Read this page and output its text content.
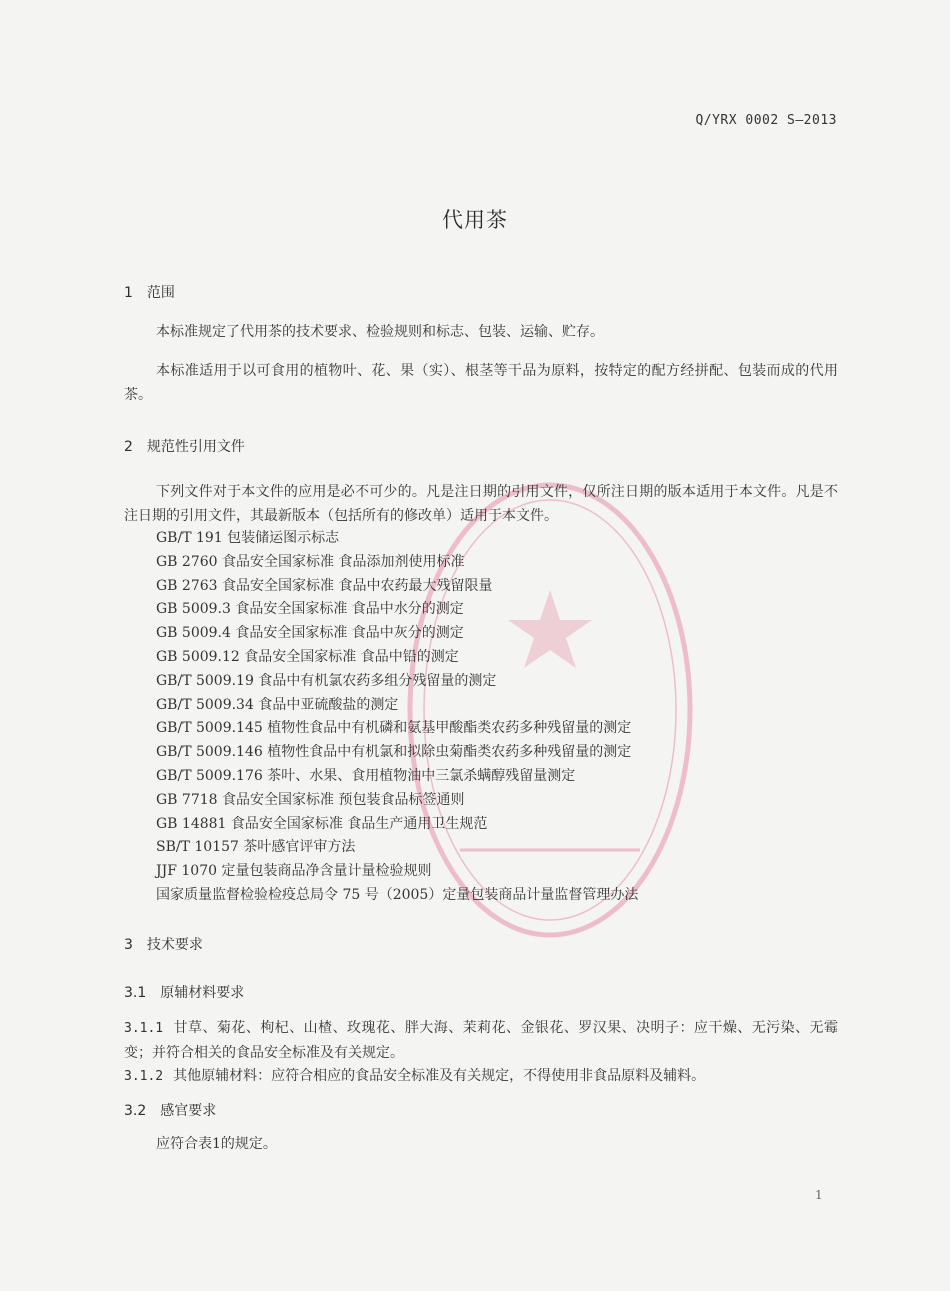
Q/YRX 0002 S—2013
代用茶
1 范围

本标准规定了代用茶的技术要求、检验规则和标志、包装、运输、贮存。

本标准适用于以可食用的植物叶、花、果（实）、根茎等干品为原料，按特定的配方经拼配、包装而成的代用茶。

2 规范性引用文件

下列文件对于本文件的应用是必不可少的。凡是注日期的引用文件，仅所注日期的版本适用于本文件。凡是不注日期的引用文件，其最新版本（包括所有的修改单）适用于本文件。

GB/T 191 包装储运图示标志
GB 2760 食品安全国家标准 食品添加剂使用标准
GB 2763 食品安全国家标准 食品中农药最大残留限量
GB 5009.3 食品安全国家标准 食品中水分的测定
GB 5009.4 食品安全国家标准 食品中灰分的测定
GB 5009.12 食品安全国家标准 食品中铅的测定
GB/T 5009.19 食品中有机氯农药多组分残留量的测定
GB/T 5009.34 食品中亚硫酸盐的测定
GB/T 5009.145 植物性食品中有机磷和氨基甲酸酯类农药多种残留量的测定
GB/T 5009.146 植物性食品中有机氯和拟除虫菊酯类农药多种残留量的测定
GB/T 5009.176 茶叶、水果、食用植物油中三氯杀螨醇残留量测定
GB 7718 食品安全国家标准 预包装食品标签通则
GB 14881 食品安全国家标准 食品生产通用卫生规范
SB/T 10157 茶叶感官评审方法
JJF 1070 定量包装商品净含量计量检验规则
国家质量监督检验检疫总局令 75 号（2005）定量包装商品计量监督管理办法
3 技术要求
3.1 原辅材料要求

3.1.1 甘草、菊花、枸杞、山楂、玫瑰花、胖大海、茉莉花、金银花、罗汉果、决明子：应干燥、无污染、无霉变；并符合相关的食品安全标准及有关规定。

3.1.2 其他原辅材料：应符合相应的食品安全标准及有关规定，不得使用非食品原料及辅料。

3.2 感官要求

应符合表1的规定。

1
